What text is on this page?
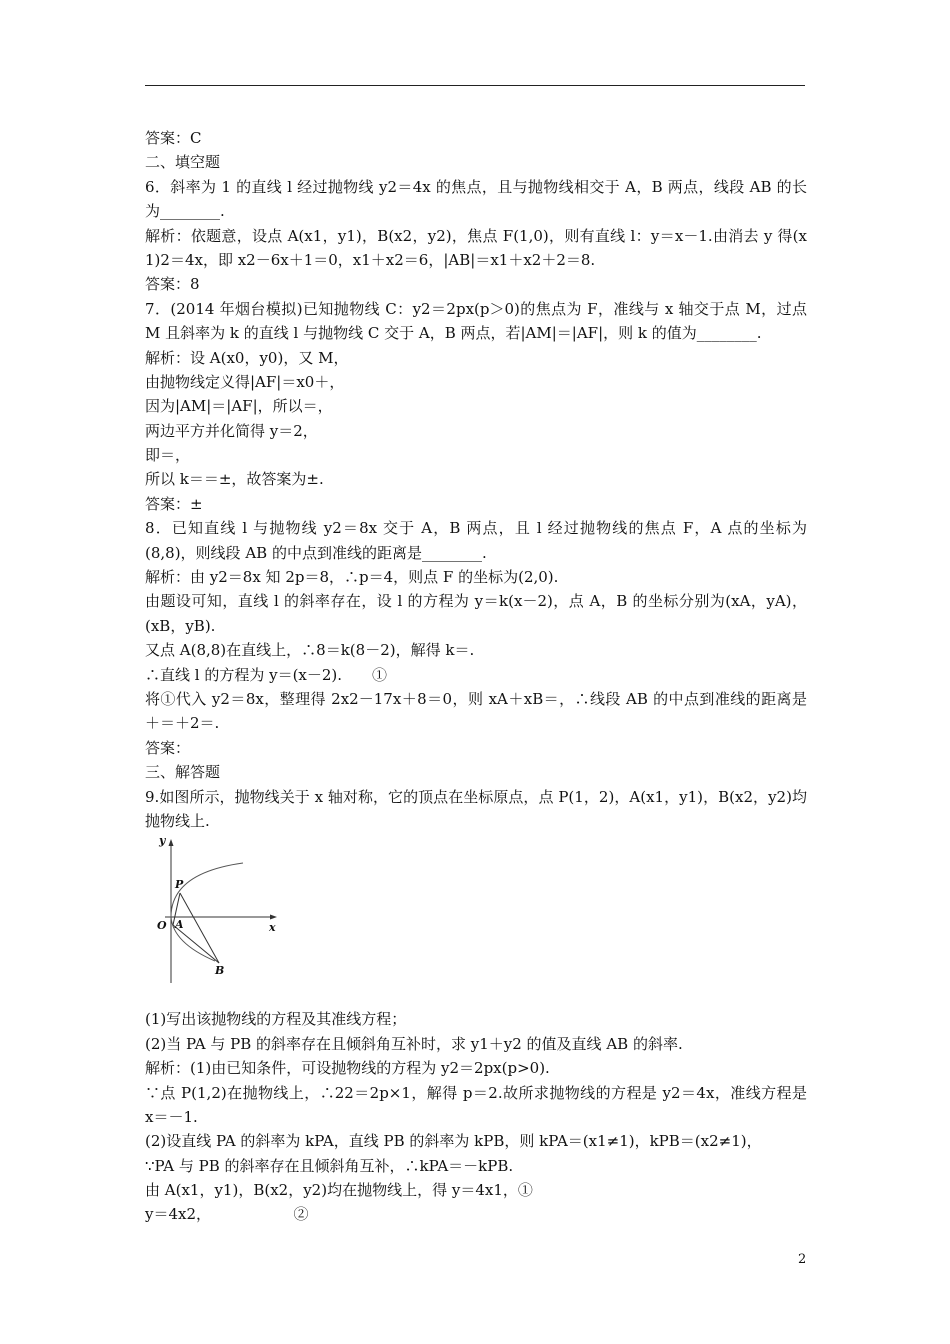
答案：C
二、填空题
6．斜率为 1 的直线 l 经过抛物线 y2＝4x 的焦点，且与抛物线相交于 A，B 两点，线段 AB 的长
为________.
解析：依题意，设点 A(x1，y1)，B(x2，y2)，焦点 F(1,0)，则有直线 l：y＝x－1.由消去 y 得(x
1)2＝4x，即 x2－6x＋1＝0，x1＋x2＝6，|AB|＝x1＋x2＋2＝8.
答案：8
7．(2014 年烟台模拟)已知抛物线 C：y2＝2px(p＞0)的焦点为 F，准线与 x 轴交于点 M，过点
M 且斜率为 k 的直线 l 与抛物线 C 交于 A，B 两点，若|AM|＝|AF|，则 k 的值为________.
解析：设 A(x0，y0)，又 M，
由抛物线定义得|AF|＝x0＋，
因为|AM|＝|AF|，所以＝，
两边平方并化简得 y＝2，
即＝，
所以 k＝＝±，故答案为±.
答案：±
8．已知直线 l 与抛物线 y2＝8x 交于 A，B 两点，且 l 经过抛物线的焦点 F，A 点的坐标为
(8,8)，则线段 AB 的中点到准线的距离是________.
解析：由 y2＝8x 知 2p＝8，∴p＝4，则点 F 的坐标为(2,0).
由题设可知，直线 l 的斜率存在，设 l 的方程为 y＝k(x－2)，点 A，B 的坐标分别为(xA，yA)，
(xB，yB).
又点 A(8,8)在直线上，∴8＝k(8－2)，解得 k＝.
∴直线 l 的方程为 y＝(x－2).　　①
将①代入 y2＝8x，整理得 2x2－17x＋8＝0，则 xA＋xB＝，∴线段 AB 的中点到准线的距离是
＋＝＋2＝.
答案：
三、解答题
9.如图所示，抛物线关于 x 轴对称，它的顶点在坐标原点，点 P(1，2)，A(x1，y1)，B(x2，y2)均
抛物线上.
y
x
O
P
A
B
(1)写出该抛物线的方程及其准线方程；
(2)当 PA 与 PB 的斜率存在且倾斜角互补时，求 y1＋y2 的值及直线 AB 的斜率.
解析：(1)由已知条件，可设抛物线的方程为 y2＝2px(p>0).
∵点 P(1,2)在抛物线上，∴22＝2p×1，解得 p＝2.故所求抛物线的方程是 y2＝4x，准线方程是
x＝－1.
(2)设直线 PA 的斜率为 kPA，直线 PB 的斜率为 kPB，则 kPA＝(x1≠1)，kPB＝(x2≠1)，
∵PA 与 PB 的斜率存在且倾斜角互补，∴kPA＝－kPB.
由 A(x1，y1)，B(x2，y2)均在抛物线上，得 y＝4x1，①
y＝4x2，　　　　　　②
2
